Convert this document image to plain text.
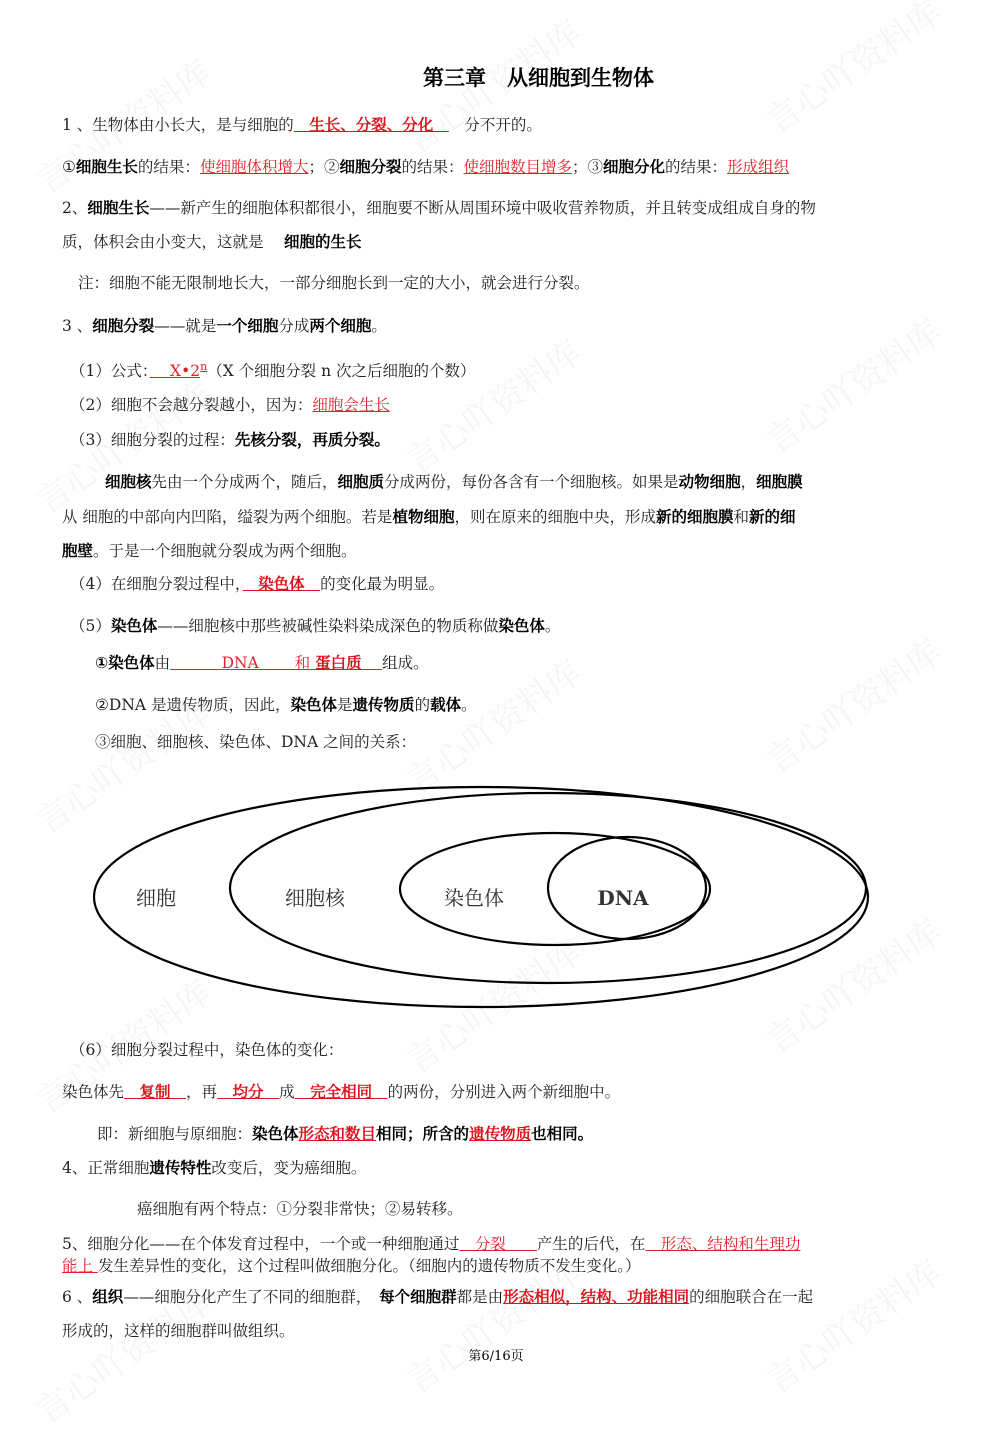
第三章　从细胞到生物体
1 、生物体由小长大，是与细胞的　生长、分裂、分化　　分不开的。
①细胞生长的结果：使细胞体积增大；②细胞分裂的结果：使细胞数目增多；③细胞分化的结果：形成组织
2、细胞生长——新产生的细胞体积都很小，细胞要不断从周围环境中吸收营养物质，并且转变成组成自身的物
质，体积会由小变大，这就是　 细胞的生长
注：细胞不能无限制地长大，一部分细胞长到一定的大小，就会进行分裂。
3 、细胞分裂——就是一个细胞分成两个细胞。
（1）公式：　 X•2$^n$（X 个细胞分裂 n 次之后细胞的个数）
（2）细胞不会越分裂越小，因为：细胞会生长
（3）细胞分裂的过程：先核分裂，再质分裂。
细胞核先由一个分成两个，随后，细胞质分成两份，每份各含有一个细胞核。如果是动物细胞，细胞膜
从 细胞的中部向内凹陷，缢裂为两个细胞。若是植物细胞，则在原来的细胞中央，形成新的细胞膜和新的细
胞壁。于是一个细胞就分裂成为两个细胞。
（4）在细胞分裂过程中，　染色体　的变化最为明显。
（5）染色体——细胞核中那些被碱性染料染成深色的物质称做染色体。
①染色体由　　　 DNA　　 和 蛋白质　 组成。
②DNA 是遗传物质，因此，染色体是遗传物质的载体。
③细胞、细胞核、染色体、DNA 之间的关系：
（6）细胞分裂过程中，染色体的变化：
染色体先　复制　，再　均分　成　完全相同　的两份，分别进入两个新细胞中。
即：新细胞与原细胞：染色体形态和数目相同；所含的遗传物质也相同。
4、正常细胞遗传特性改变后，变为癌细胞。
癌细胞有两个特点：①分裂非常快；②易转移。
5、细胞分化——在个体发育过程中，一个或一种细胞通过　分裂　　产生的后代，在　形态、结构和生理功
能上 发生差异性的变化，这个过程叫做细胞分化。（细胞内的遗传物质不发生变化。）
6 、组织——细胞分化产生了不同的细胞群，　每个细胞群都是由形态相似，结构、功能相同的细胞联合在一起
形成的，这样的细胞群叫做组织。
细胞	细胞核	染色体	DNA
第6/16页
